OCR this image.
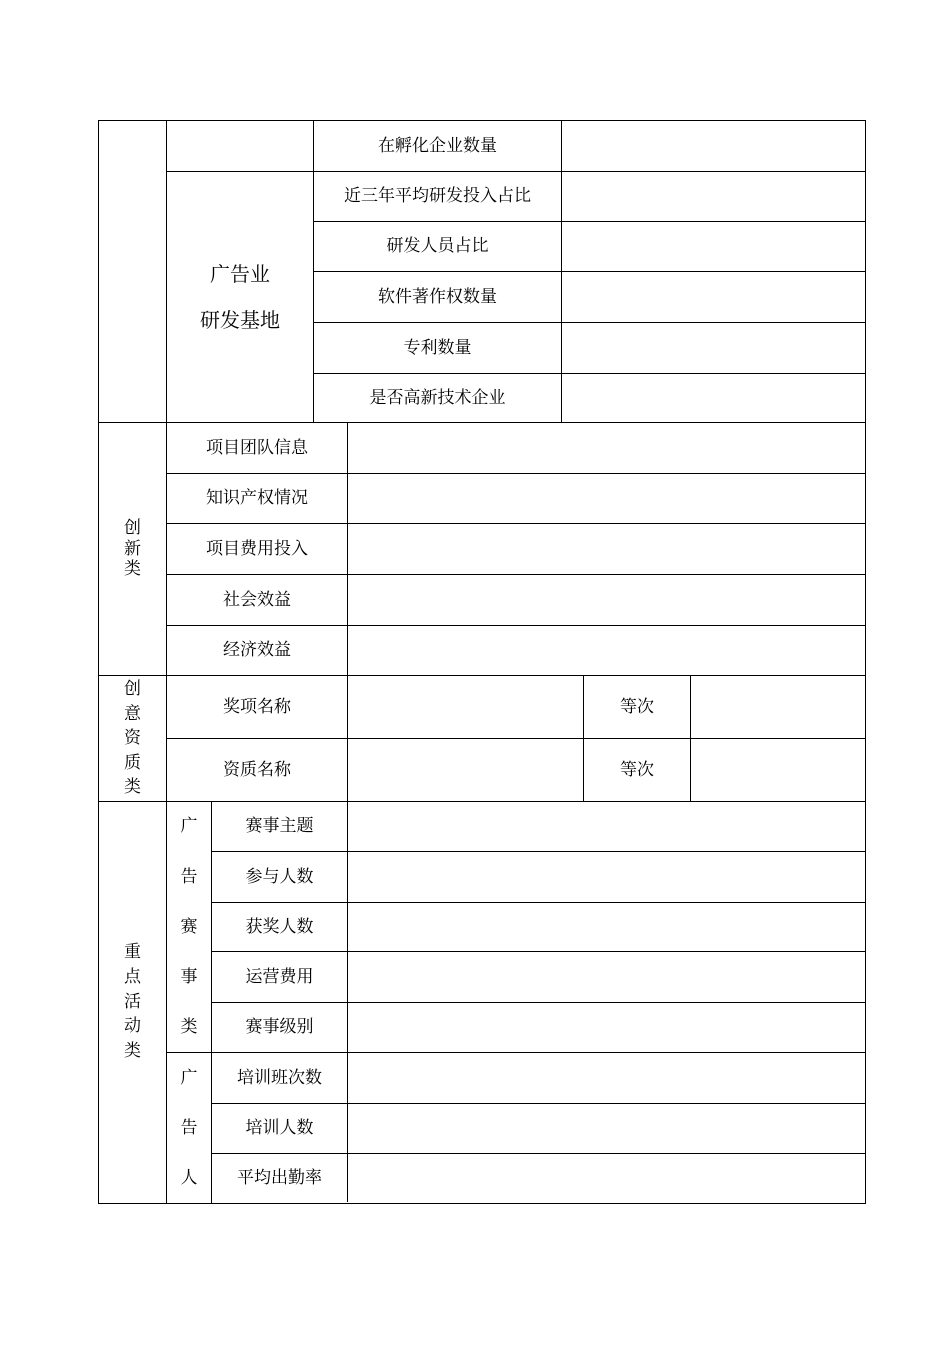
在孵化企业数量
广告业
研发基地
近三年平均研发投入占比
研发人员占比
软件著作权数量
专利数量
是否高新技术企业
创
新
类
项目团队信息
知识产权情况
项目费用投入
社会效益
经济效益
创
意
资
质
类
奖项名称	等次
资质名称	等次
重
点
活
动
类
广
告
赛
事
类
赛事主题
参与人数
获奖人数
运营费用
赛事级别
广
告
人
培训班次数
培训人数
平均出勤率
